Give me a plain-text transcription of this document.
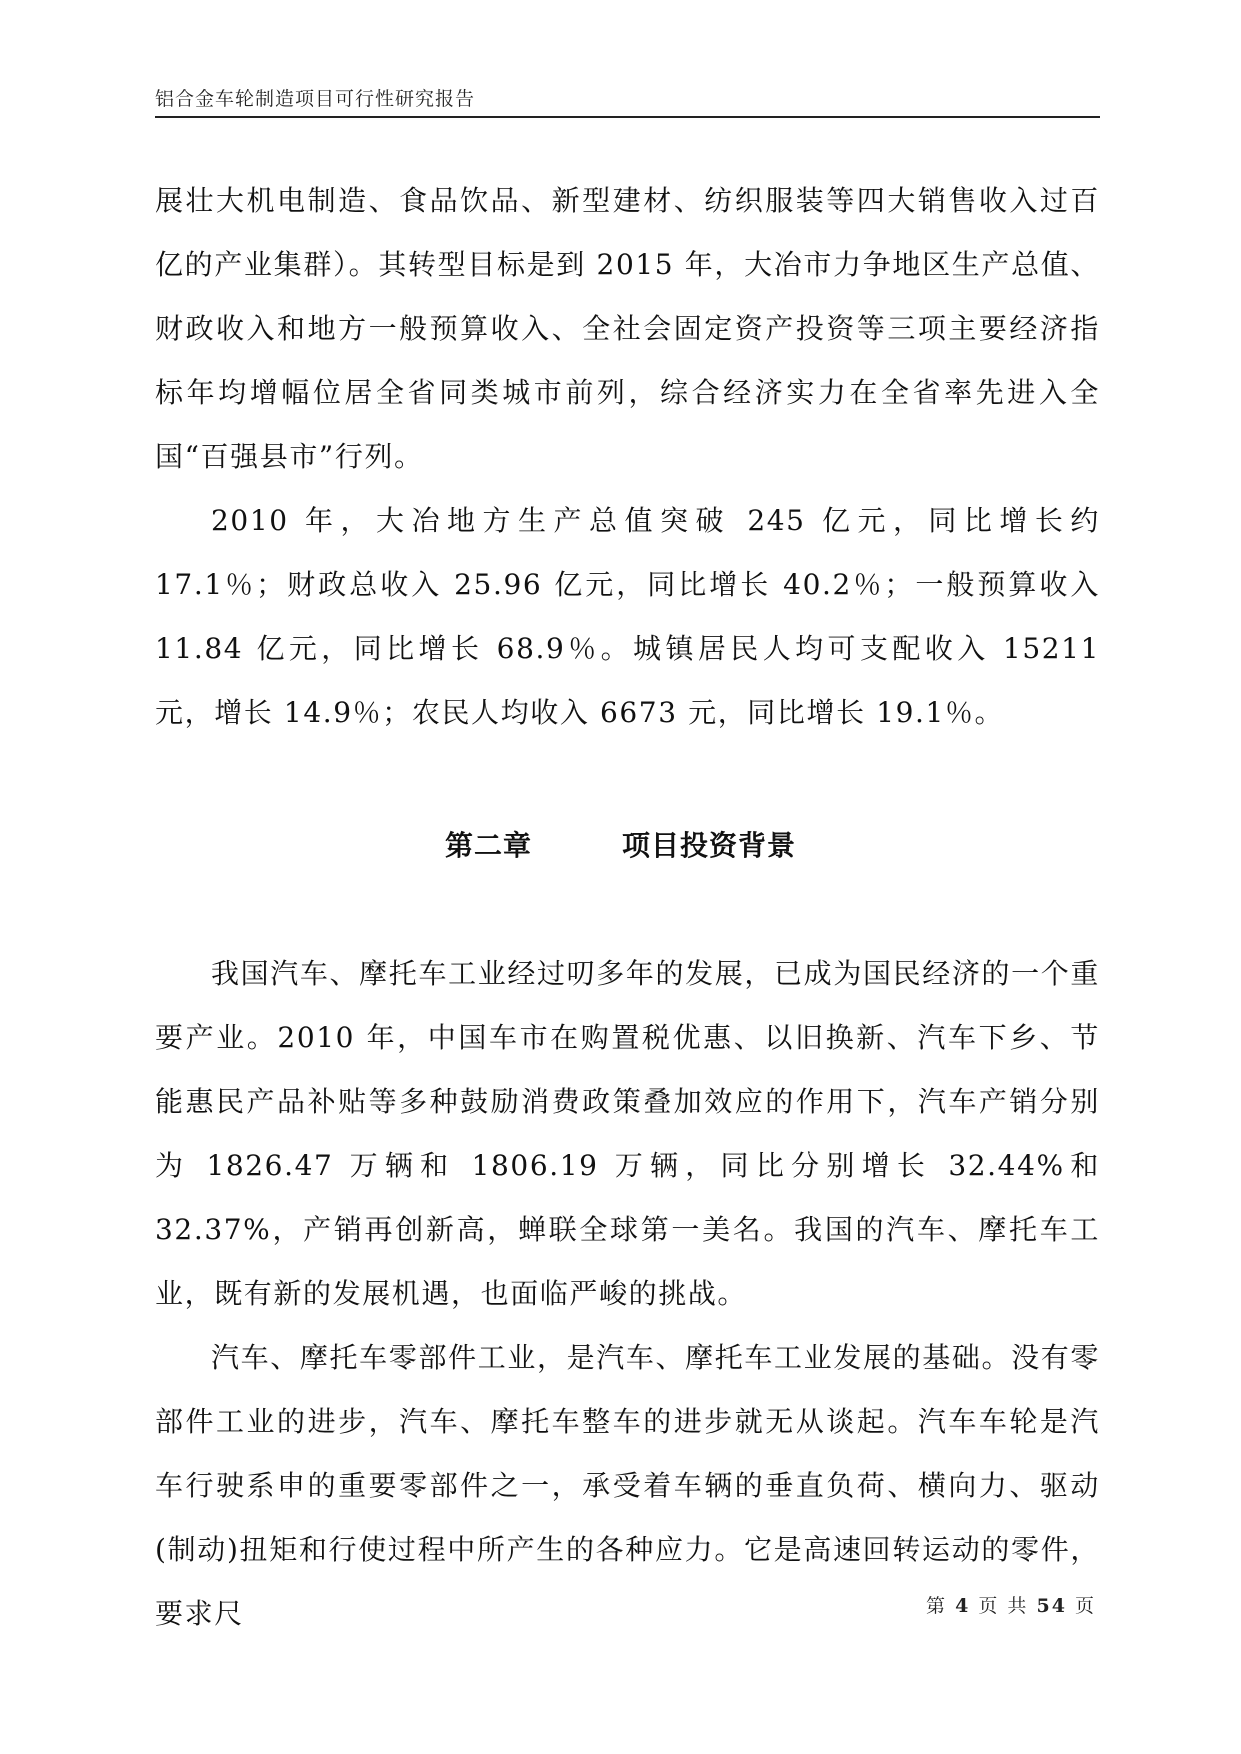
铝合金车轮制造项目可行性研究报告

展壮大机电制造、食品饮品、新型建材、纺织服装等四大销售收入过百亿的产业集群）。其转型目标是到 2015 年，大冶市力争地区生产总值、财政收入和地方一般预算收入、全社会固定资产投资等三项主要经济指标年均增幅位居全省同类城市前列，综合经济实力在全省率先进入全国“百强县市”行列。

2010 年，大冶地方生产总值突破 245 亿元，同比增长约 17.1％；财政总收入 25.96 亿元，同比增长 40.2％；一般预算收入 11.84 亿元，同比增长 68.9％。城镇居民人均可支配收入 15211 元，增长 14.9％；农民人均收入 6673 元，同比增长 19.1％。

第二章	项目投资背景

我国汽车、摩托车工业经过叨多年的发展，已成为国民经济的一个重要产业。2010 年，中国车市在购置税优惠、以旧换新、汽车下乡、节能惠民产品补贴等多种鼓励消费政策叠加效应的作用下，汽车产销分别为 1826.47 万辆和 1806.19 万辆，同比分别增长 32.44%和 32.37%，产销再创新高，蝉联全球第一美名。我国的汽车、摩托车工业，既有新的发展机遇，也面临严峻的挑战。

汽车、摩托车零部件工业，是汽车、摩托车工业发展的基础。没有零部件工业的进步，汽车、摩托车整车的进步就无从谈起。汽车车轮是汽车行驶系申的重要零部件之一，承受着车辆的垂直负荷、横向力、驱动(制动)扭矩和行使过程中所产生的各种应力。它是高速回转运动的零件，要求尺	第 4 页 共 54 页
